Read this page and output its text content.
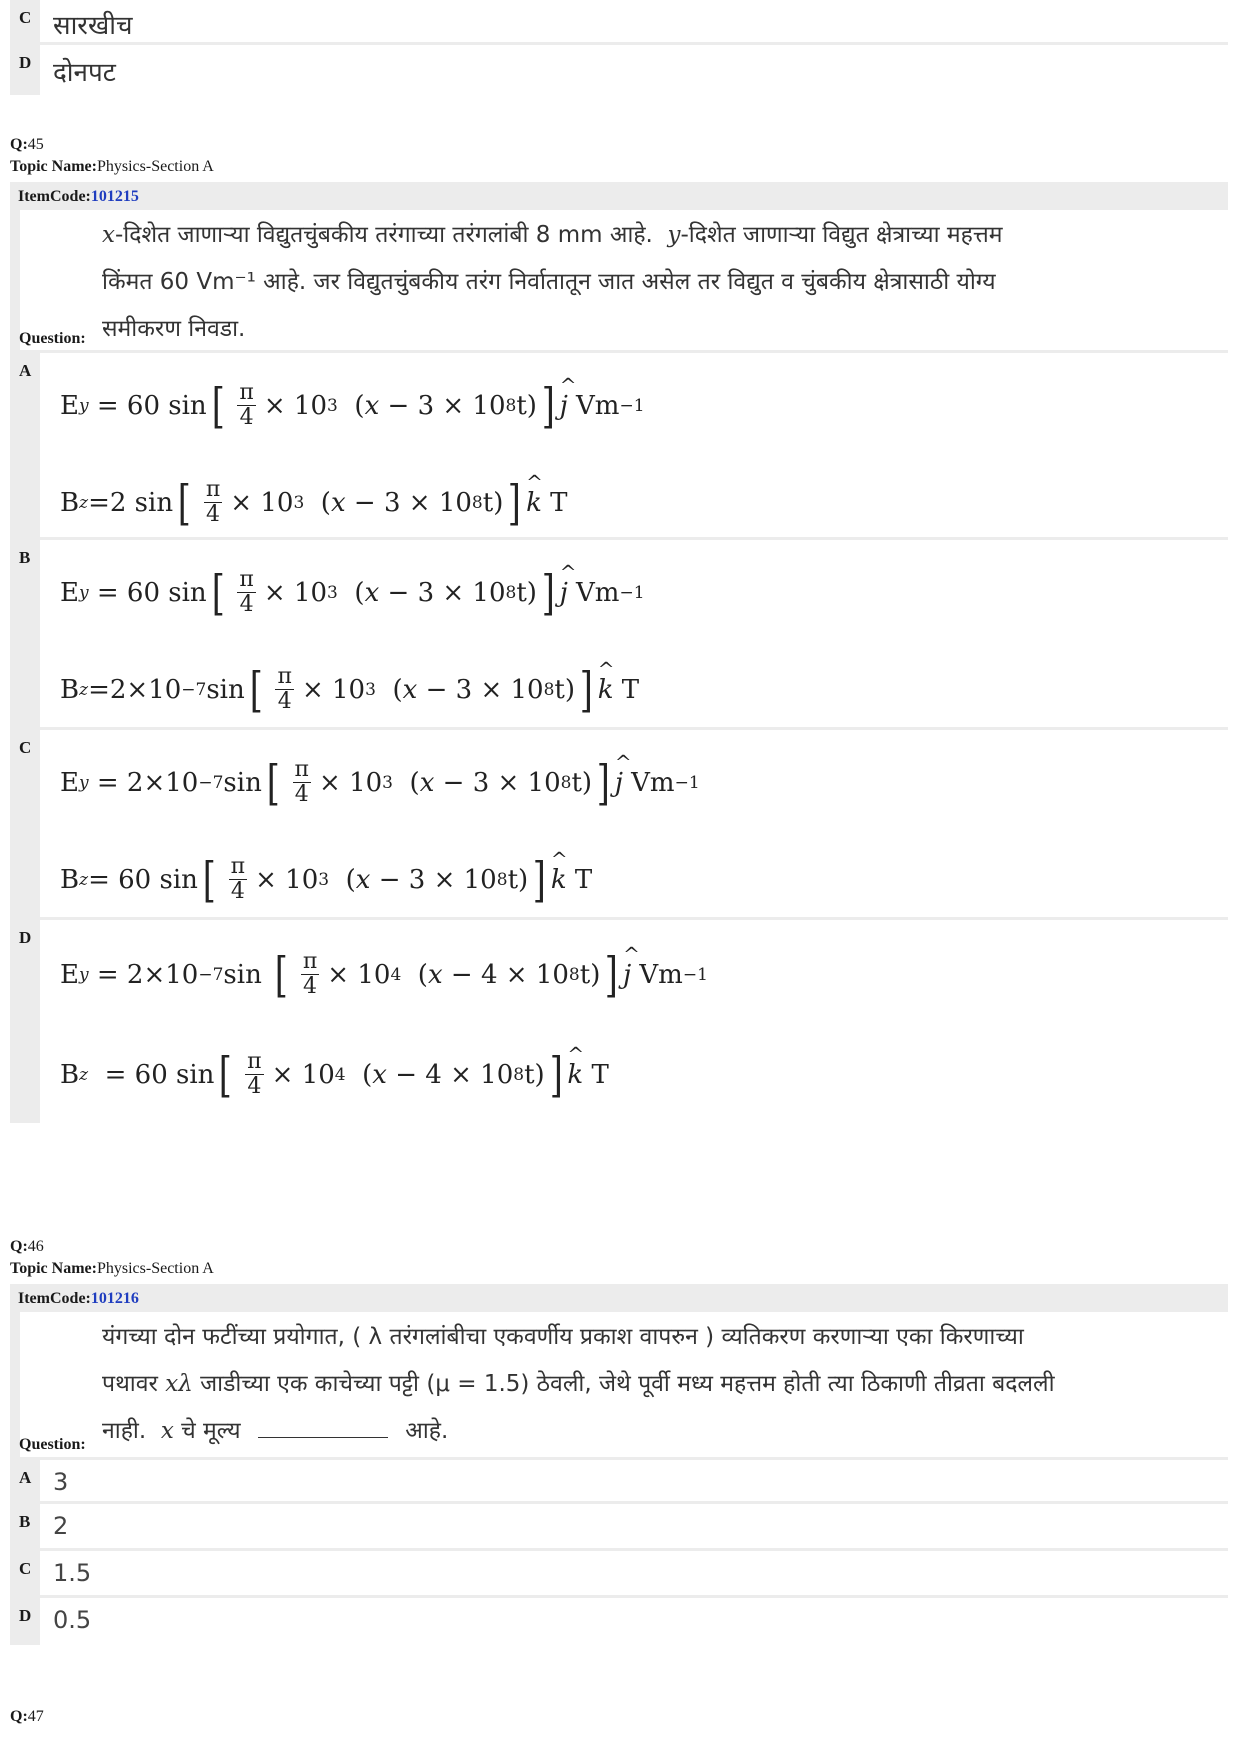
C सारखीच
D दोनपट
Q:45
Topic Name:Physics-Section A
ItemCode:101215
x-दिशेत जाणाऱ्या विद्युतचुंबकीय तरंगाच्या तरंगलांबी 8 mm आहे. y-दिशेत जाणाऱ्या विद्युत क्षेत्राच्या महत्तम
किंमत 60 Vm⁻¹ आहे. जर विद्युतचुंबकीय तरंग निर्वातातून जात असेल तर विद्युत व चुंबकीय क्षेत्रासाठी योग्य
समीकरण निवडा.
Question:
A
E y
=
60 sin [ $\frac{\pi}{4}$ ×
10 3 ( x
−
3
× 10 8 t) ] ^ j
Vm −1
B z =2 sin [ $\frac{\pi}{4}$ ×
10 3 ( x
−
3
× 10 8 t) ] ^ k
T
B
E y
=
60 sin [ $\frac{\pi}{4}$ ×
10 3 ( x
−
3
× 10 8 t) ] ^ j
Vm −1
B z =2×10 −7 sin [ $\frac{\pi}{4}$ ×
10 3 ( x
−
3
× 10 8 t) ] ^ k
T
C
E y
=
2×10 −7 sin [ $\frac{\pi}{4}$ ×
10 3 ( x
−
3
× 10 8 t) ] ^ j
Vm −1
B z = 60 sin [ $\frac{\pi}{4}$ ×
10 3 ( x
−
3
× 10 8 t) ] ^ k
T
D
E y
=
2×10 −7 sin
[ $\frac{\pi}{4}$ ×
10 4 ( x
−
4
× 10 8 t) ] ^ j
Vm −1
B z
= 60 sin [ $\frac{\pi}{4}$ ×
10 4 ( x
−
4
× 10 8 t) ] ^ k
T
Q:46
Topic Name:Physics-Section A
ItemCode:101216
यंगच्या दोन फटींच्या प्रयोगात, ( λ तरंगलांबीचा एकवर्णीय प्रकाश वापरुन ) व्यतिकरण करणाऱ्या एका किरणाच्या
पथावर xλ जाडीच्या एक काचेच्या पट्टी (μ = 1.5) ठेवली, जेथे पूर्वी मध्य महत्तम होती त्या ठिकाणी तीव्रता बदलली
नाही. x चे मूल्य	आहे.
Question:
A 3
B 2
C 1.5
D 0.5
Q:47
